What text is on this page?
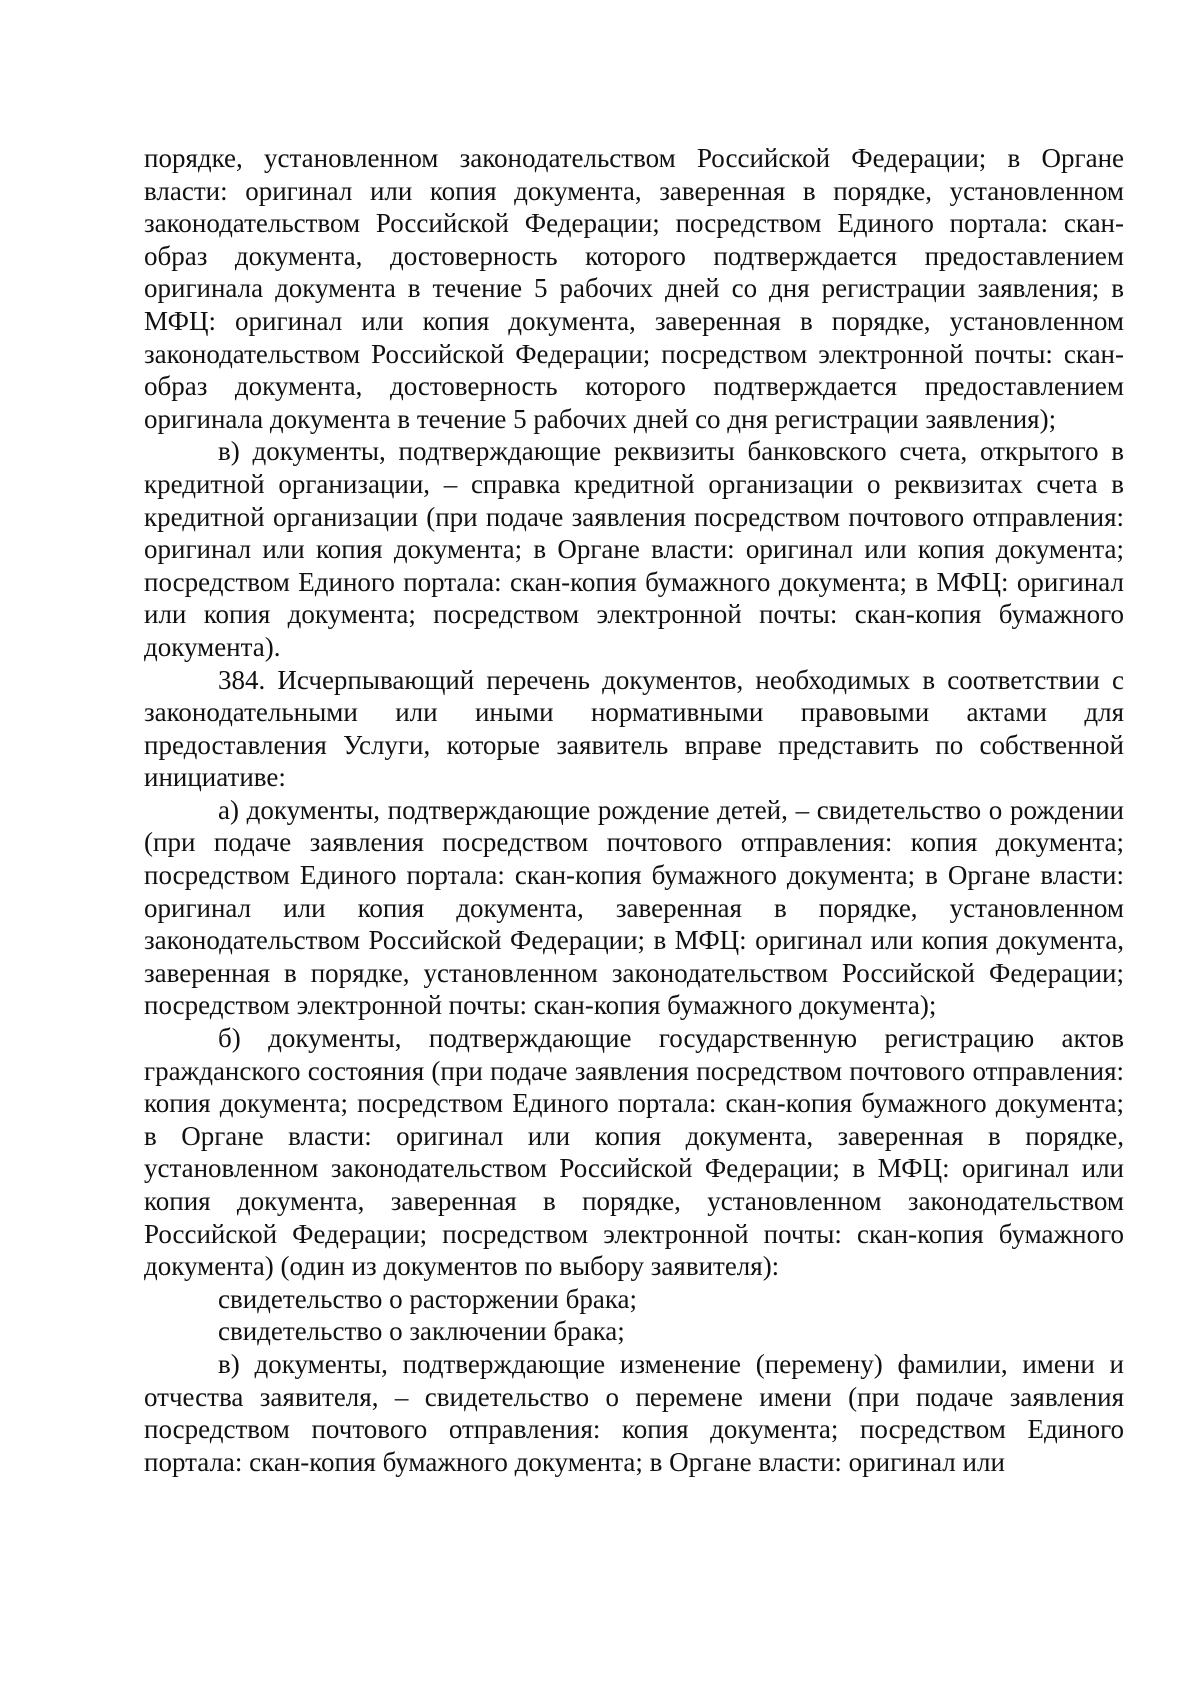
порядке, установленном законодательством Российской Федерации; в Органе власти: оригинал или копия документа, заверенная в порядке, установленном законодательством Российской Федерации; посредством Единого портала: скан-образ документа, достоверность которого подтверждается предоставлением оригинала документа в течение 5 рабочих дней со дня регистрации заявления; в МФЦ: оригинал или копия документа, заверенная в порядке, установленном законодательством Российской Федерации; посредством электронной почты: скан-образ документа, достоверность которого подтверждается предоставлением оригинала документа в течение 5 рабочих дней со дня регистрации заявления);

в) документы, подтверждающие реквизиты банковского счета, открытого в кредитной организации, – справка кредитной организации о реквизитах счета в кредитной организации (при подаче заявления посредством почтового отправления: оригинал или копия документа; в Органе власти: оригинал или копия документа; посредством Единого портала: скан-копия бумажного документа; в МФЦ: оригинал или копия документа; посредством электронной почты: скан-копия бумажного документа).

384. Исчерпывающий перечень документов, необходимых в соответствии с законодательными или иными нормативными правовыми актами для предоставления Услуги, которые заявитель вправе представить по собственной инициативе:

а) документы, подтверждающие рождение детей, – свидетельство о рождении (при подаче заявления посредством почтового отправления: копия документа; посредством Единого портала: скан-копия бумажного документа; в Органе власти: оригинал или копия документа, заверенная в порядке, установленном законодательством Российской Федерации; в МФЦ: оригинал или копия документа, заверенная в порядке, установленном законодательством Российской Федерации; посредством электронной почты: скан-копия бумажного документа);

б) документы, подтверждающие государственную регистрацию актов гражданского состояния (при подаче заявления посредством почтового отправления: копия документа; посредством Единого портала: скан-копия бумажного документа; в Органе власти: оригинал или копия документа, заверенная в порядке, установленном законодательством Российской Федерации; в МФЦ: оригинал или копия документа, заверенная в порядке, установленном законодательством Российской Федерации; посредством электронной почты: скан-копия бумажного документа) (один из документов по выбору заявителя):

свидетельство о расторжении брака;

свидетельство о заключении брака;

в) документы, подтверждающие изменение (перемену) фамилии, имени и отчества заявителя, – свидетельство о перемене имени (при подаче заявления посредством почтового отправления: копия документа; посредством Единого портала: скан-копия бумажного документа; в Органе власти: оригинал или
